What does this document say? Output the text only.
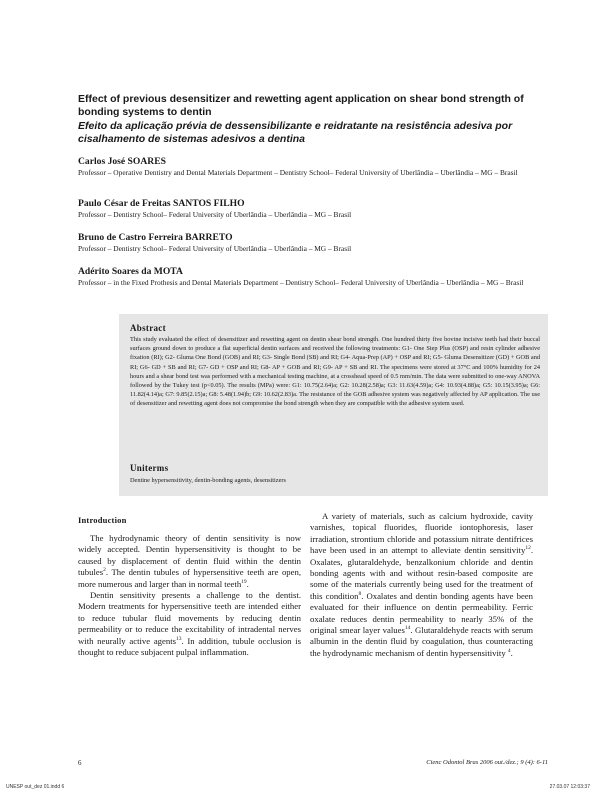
Effect of previous desensitizer and rewetting agent application on shear bond strength of bonding systems to dentin
Efeito da aplicação prévia de dessensibilizante e reidratante na resistência adesiva por cisalhamento de sistemas adesivos a dentina
Carlos José SOARES
Professor – Operative Dentistry and Dental Materials Department – Dentistry School– Federal University of Uberlândia – Uberlândia – MG – Brasil
Paulo César de Freitas SANTOS FILHO
Professor – Dentistry School– Federal University of Uberlândia – Uberlândia – MG – Brasil
Bruno de Castro Ferreira BARRETO
Professor – Dentistry School– Federal University of Uberlândia – Uberlândia – MG – Brasil
Adérito Soares da MOTA
Professor – in the Fixed Prothesis and Dental Materials Department – Dentistry School– Federal University of Uberlândia – Uberlândia – MG – Brasil
Abstract
This study evaluated the effect of desensitizer and rewetting agent on dentin shear bond strength. One hundred thirty five bovine incisive teeth had their buccal surfaces ground down to produce a flat superficial dentin surfaces and received the following treatments: G1- One Step Plus (OSP) and resin cylinder adhesive fixation (RI); G2- Gluma One Bond (GOB) and RI; G3- Single Bond (SB) and RI; G4- Aqua-Prep (AP) + OSP and RI; G5- Gluma Desensitizer (GD) + GOB and RI; G6- GD + SB and RI; G7- GD + OSP and RI; G8- AP + GOB and RI; G9- AP + SB and RI. The specimens were stored at 37°C and 100% humidity for 24 hours and a shear bond test was performed with a mechanical testing machine, at a crosshead speed of 0.5 mm/min. The data were submitted to one-way ANOVA followed by the Tukey test (p<0.05). The results (MPa) were: G1: 10.75(2.64)a; G2: 10.28(2.58)a; G3: 11.63(4.59)a; G4: 10.93(4.88)a; G5: 10.15(3.95)a; G6: 11.82(4.14)a; G7: 9.85(2.15)a; G8: 5.48(1.94)b; G9: 10.62(2.83)a. The resistance of the GOB adhesive system was negatively affected by AP application. The use of desensitizer and rewetting agent does not compromise the bond strength when they are compatible with the adhesive system used.
Uniterms
Dentine hypersensitivity, dentin-bonding agents, desensitizers
Introduction

The hydrodynamic theory of dentin sensitivity is now widely accepted. Dentin hypersensitivity is thought to be caused by displacement of dentin fluid within the dentin tubules$^2$. The dentin tubules of hypersensitive teeth are open, more numerous and larger than in normal teeth$^{19}$.

Dentin sensitivity presents a challenge to the dentist. Modern treatments for hypersensitive teeth are intended either to reduce tubular fluid movements by reducing dentin permeability or to reduce the excitability of intradental nerves with neurally active agents$^{13}$. In addition, tubule occlusion is thought to reduce subjacent pulpal inflammation.

A variety of materials, such as calcium hydroxide, cavity varnishes, topical fluorides, fluoride iontophoresis, laser irradiation, strontium chloride and potassium nitrate dentifrices have been used in an attempt to alleviate dentin sensitivity$^{12}$. Oxalates, glutaraldehyde, benzalkonium chloride and dentin bonding agents with and without resin-based composite are some of the materials currently being used for the treatment of this condition$^8$. Oxalates and dentin bonding agents have been evaluated for their influence on dentin permeability. Ferric oxalate reduces dentin permeability to nearly 35% of the original smear layer values$^{14}$. Glutaraldehyde reacts with serum albumin in the dentin fluid by coagulation, thus counteracting the hydrodynamic mechanism of dentin hypersensitivity $^4$.

6	Cienc Odontol Bras 2006 out./dez.; 9 (4): 6-11
UNESP out_dez 01.indd 6	27.03.07 12:03:37
